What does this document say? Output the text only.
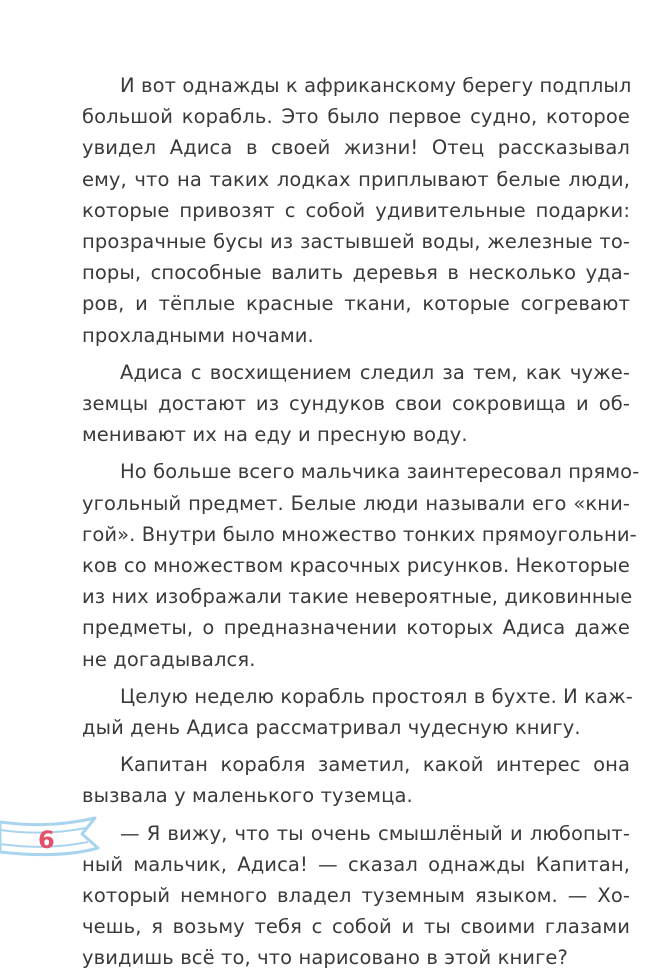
И вот однажды к африканскому берегу подплыл
большой корабль. Это было первое судно, которое
увидел Адиса в своей жизни! Отец рассказывал
ему, что на таких лодках приплывают белые люди,
которые привозят с собой удивительные подарки:
прозрачные бусы из застывшей воды, железные то-
поры, способные валить деревья в несколько уда-
ров, и тёплые красные ткани, которые согревают
прохладными ночами.
Адиса с восхищением следил за тем, как чуже-
земцы достают из сундуков свои сокровища и об-
менивают их на еду и пресную воду.
Но больше всего мальчика заинтересовал прямо-
угольный предмет. Белые люди называли его «кни-
гой». Внутри было множество тонких прямоугольни-
ков со множеством красочных рисунков. Некоторые
из них изображали такие невероятные, диковинные
предметы, о предназначении которых Адиса даже
не догадывался.
Целую неделю корабль простоял в бухте. И каж-
дый день Адиса рассматривал чудесную книгу.
Капитан корабля заметил, какой интерес она
вызвала у маленького туземца.
— Я вижу, что ты очень смышлёный и любопыт-
ный мальчик, Адиса! — сказал однажды Капитан,
который немного владел туземным языком. — Хо-
чешь, я возьму тебя с собой и ты своими глазами
увидишь всё то, что нарисовано в этой книге?
6
